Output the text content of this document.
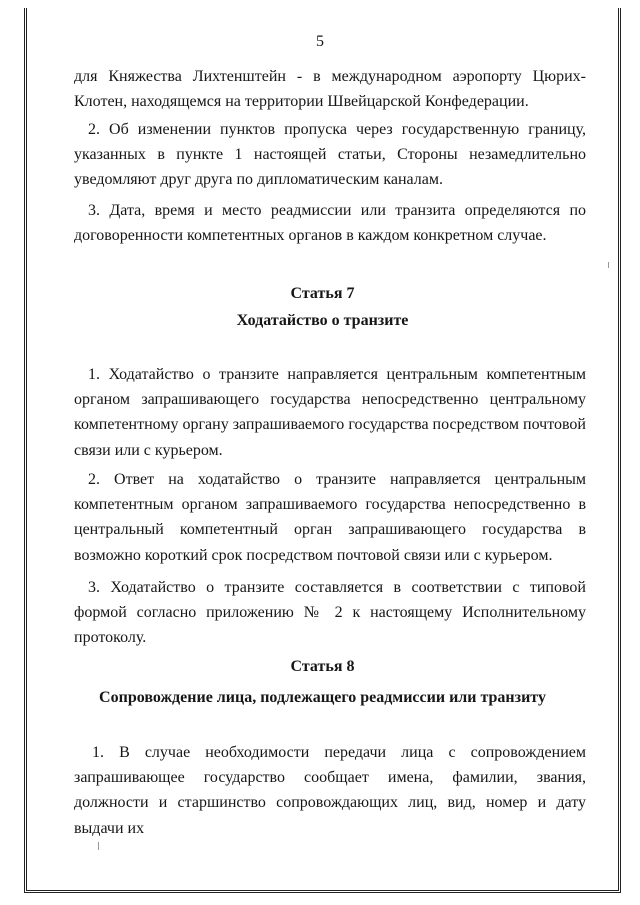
5

для Княжества Лихтенштейн - в международном аэропорту Цюрих-Клотен, находящемся на территории Швейцарской Конфедерации.

2. Об изменении пунктов пропуска через государственную границу, указанных в пункте 1 настоящей статьи, Стороны незамедлительно уведомляют друг друга по дипломатическим каналам.

3. Дата, время и место реадмиссии или транзита определяются по договоренности компетентных органов в каждом конкретном случае.

Статья 7
Ходатайство о транзите

1. Ходатайство о транзите направляется центральным компетентным органом запрашивающего государства непосредственно центральному компетентному органу запрашиваемого государства посредством почтовой связи или с курьером.

2. Ответ на ходатайство о транзите направляется центральным компетентным органом запрашиваемого государства непосредственно в центральный компетентный орган запрашивающего государства в возможно короткий срок посредством почтовой связи или с курьером.

3. Ходатайство о транзите составляется в соответствии с типовой формой согласно приложению № 2 к настоящему Исполнительному протоколу.

Статья 8
Сопровождение лица, подлежащего реадмиссии или транзиту

1. В случае необходимости передачи лица с сопровождением запрашивающее государство сообщает имена, фамилии, звания, должности и старшинство сопровождающих лиц, вид, номер и дату выдачи их
